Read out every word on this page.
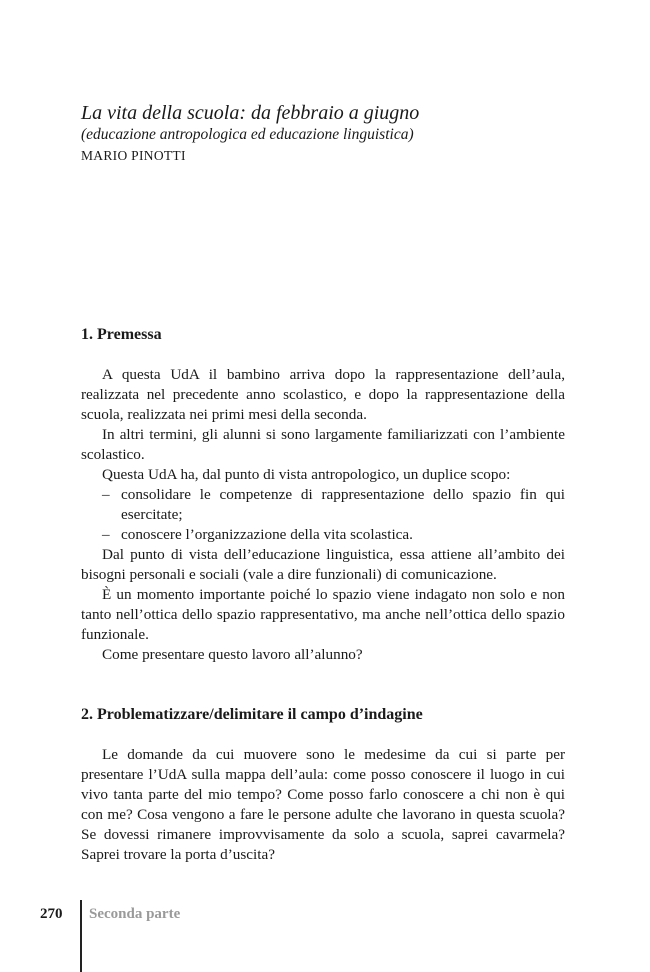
La vita della scuola: da febbraio a giugno

(educazione antropologica ed educazione linguistica)

MARIO PINOTTI

1. Premessa

A questa UdA il bambino arriva dopo la rappresentazione dell’aula, realizzata nel precedente anno scolastico, e dopo la rappresentazione della scuola, realizzata nei primi mesi della seconda.

In altri termini, gli alunni si sono largamente familiarizzati con l’ambiente scolastico.

Questa UdA ha, dal punto di vista antropologico, un duplice scopo:

– consolidare le competenze di rappresentazione dello spazio fin qui esercitate;

– conoscere l’organizzazione della vita scolastica.

Dal punto di vista dell’educazione linguistica, essa attiene all’ambito dei bisogni personali e sociali (vale a dire funzionali) di comunicazione.

È un momento importante poiché lo spazio viene indagato non solo e non tanto nell’ottica dello spazio rappresentativo, ma anche nell’ottica dello spazio funzionale.

Come presentare questo lavoro all’alunno?

2. Problematizzare/delimitare il campo d’indagine

Le domande da cui muovere sono le medesime da cui si parte per presentare l’UdA sulla mappa dell’aula: come posso conoscere il luogo in cui vivo tanta parte del mio tempo? Come posso farlo conoscere a chi non è qui con me? Cosa vengono a fare le persone adulte che lavorano in questa scuola? Se dovessi rimanere improvvisamente da solo a scuola, saprei cavarmela? Saprei trovare la porta d’uscita?

270 Seconda parte
